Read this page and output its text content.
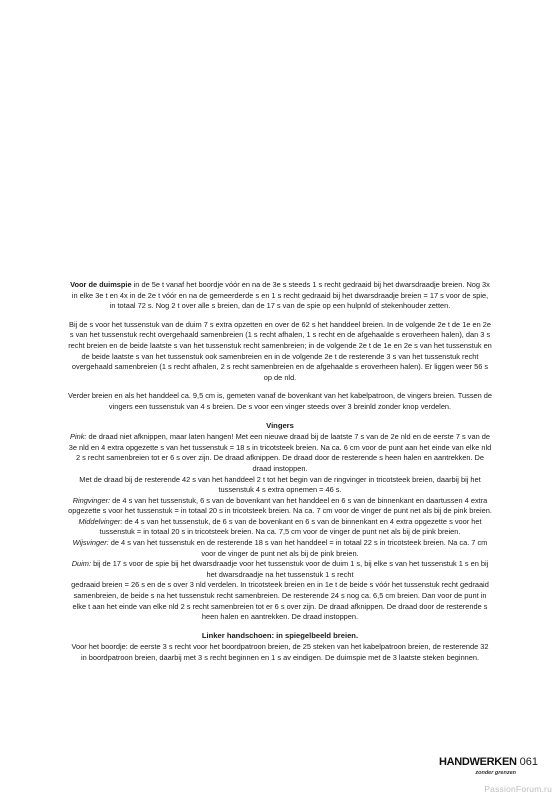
Voor de duimspie in de 5e t vanaf het boordje vóór en na de 3e s steeds 1 s recht gedraaid bij het dwarsdraadje breien. Nog 3x in elke 3e t en 4x in de 2e t vóór en na de gemeerderde s en 1 s recht gedraaid bij het dwarsdraadje breien = 17 s voor de spie, in totaal 72 s. Nog 2 t over alle s breien, dan de 17 s van de spie op een hulpnld of stekenhouder zetten.

Bij de s voor het tussenstuk van de duim 7 s extra opzetten en over de 62 s het handdeel breien. In de volgende 2e t de 1e en 2e s van het tussenstuk recht overgehaald samenbreien (1 s recht afhalen, 1 s recht en de afgehaalde s eroverheen halen), dan 3 s recht breien en de beide laatste s van het tussenstuk recht samenbreien; in de volgende 2e t de 1e en 2e s van het tussenstuk en de beide laatste s van het tussenstuk ook samenbreien en in de volgende 2e t de resterende 3 s van het tussenstuk recht overgehaald samenbreien (1 s recht afhalen, 2 s recht samenbreien en de afgehaalde s eroverheen halen). Er liggen weer 56 s op de nld.

Verder breien en als het handdeel ca. 9,5 cm is, gemeten vanaf de bovenkant van het kabelpatroon, de vingers breien. Tussen de vingers een tussenstuk van 4 s breien. De s voor een vinger steeds over 3 breinld zonder knop verdelen.

Vingers

Pink: de draad niet afknippen, maar laten hangen! Met een nieuwe draad bij de laatste 7 s van de 2e nld en de eerste 7 s van de 3e nld en 4 extra opgezette s van het tussenstuk = 18 s in tricotsteek breien. Na ca. 6 cm voor de punt aan het einde van elke nld 2 s recht samenbreien tot er 6 s over zijn. De draad afknippen. De draad door de resterende s heen halen en aantrekken. De draad instoppen.

Met de draad bij de resterende 42 s van het handdeel 2 t tot het begin van de ringvinger in tricotsteek breien, daarbij bij het tussenstuk 4 s extra opnemen = 46 s.

Ringvinger: de 4 s van het tussenstuk, 6 s van de bovenkant van het handdeel en 6 s van de binnenkant en daartussen 4 extra opgezette s voor het tussenstuk = in totaal 20 s in tricotsteek breien. Na ca. 7 cm voor de vinger de punt net als bij de pink breien.

Middelvinger: de 4 s van het tussenstuk, de 6 s van de bovenkant en 6 s van de binnenkant en 4 extra opgezette s voor het tussenstuk = in totaal 20 s in tricotsteek breien. Na ca. 7,5 cm voor de vinger de punt net als bij de pink breien.

Wijsvinger: de 4 s van het tussenstuk en de resterende 18 s van het handdeel = in totaal 22 s in tricotsteek breien. Na ca. 7 cm voor de vinger de punt net als bij de pink breien.

Duim: bij de 17 s voor de spie bij het dwarsdraadje voor het tussenstuk voor de duim 1 s, bij elke s van het tussenstuk 1 s en bij het dwarsdraadje na het tussenstuk 1 s recht

gedraaid breien = 26 s en de s over 3 nld verdelen. In tricotsteek breien en in 1e t de beide s vóór het tussenstuk recht gedraaid samenbreien, de beide s na het tussenstuk recht samenbreien. De resterende 24 s nog ca. 6,5 cm breien. Dan voor de punt in elke t aan het einde van elke nld 2 s recht samenbreien tot er 6 s over zijn. De draad afknippen. De draad door de resterende s heen halen en aantrekken. De draad instoppen.

Linker handschoen: in spiegelbeeld breien.

Voor het boordje: de eerste 3 s recht voor het boordpatroon breien, de 25 steken van het kabelpatroon breien, de resterende 32 in boordpatroon breien, daarbij met 3 s recht beginnen en 1 s av eindigen. De duimspie met de 3 laatste steken beginnen.

HANDWERKEN 061
zonder grenzen
PassionForum.ru
